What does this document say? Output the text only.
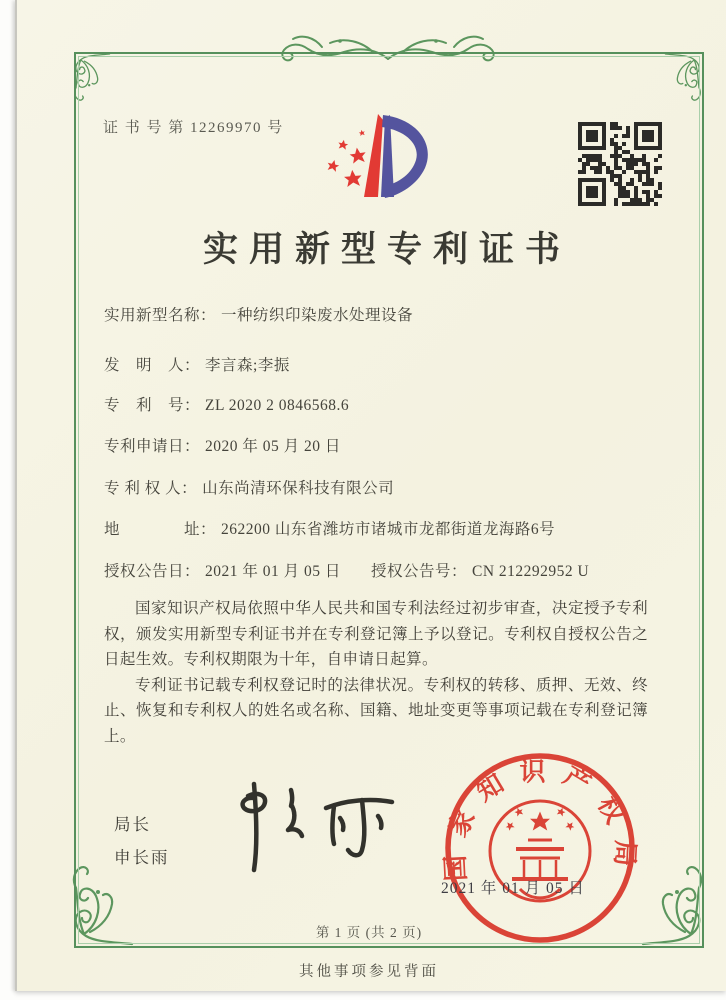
证 书 号 第 12269970 号
实用新型专利证书
实用新型名称： 一种纺织印染废水处理设备
发　明　人： 李言森;李振
专　利　号： ZL 2020 2 0846568.6
专利申请日： 2020 年 05 月 20 日
专 利 权 人： 山东尚清环保科技有限公司
地　　　　址： 262200 山东省潍坊市诸城市龙都街道龙海路6号
授权公告日： 2021 年 01 月 05 日 授权公告号： CN 212292952 U

国家知识产权局依照中华人民共和国专利法经过初步审查，决定授予专利权，颁发实用新型专利证书并在专利登记簿上予以登记。专利权自授权公告之日起生效。专利权期限为十年，自申请日起算。

专利证书记载专利权登记时的法律状况。专利权的转移、质押、无效、终止、恢复和专利权人的姓名或名称、国籍、地址变更等事项记载在专利登记簿上。

局长
申长雨	国家知识产权局
2021 年 01 月 05 日
第 1 页 (共 2 页)
其他事项参见背面
